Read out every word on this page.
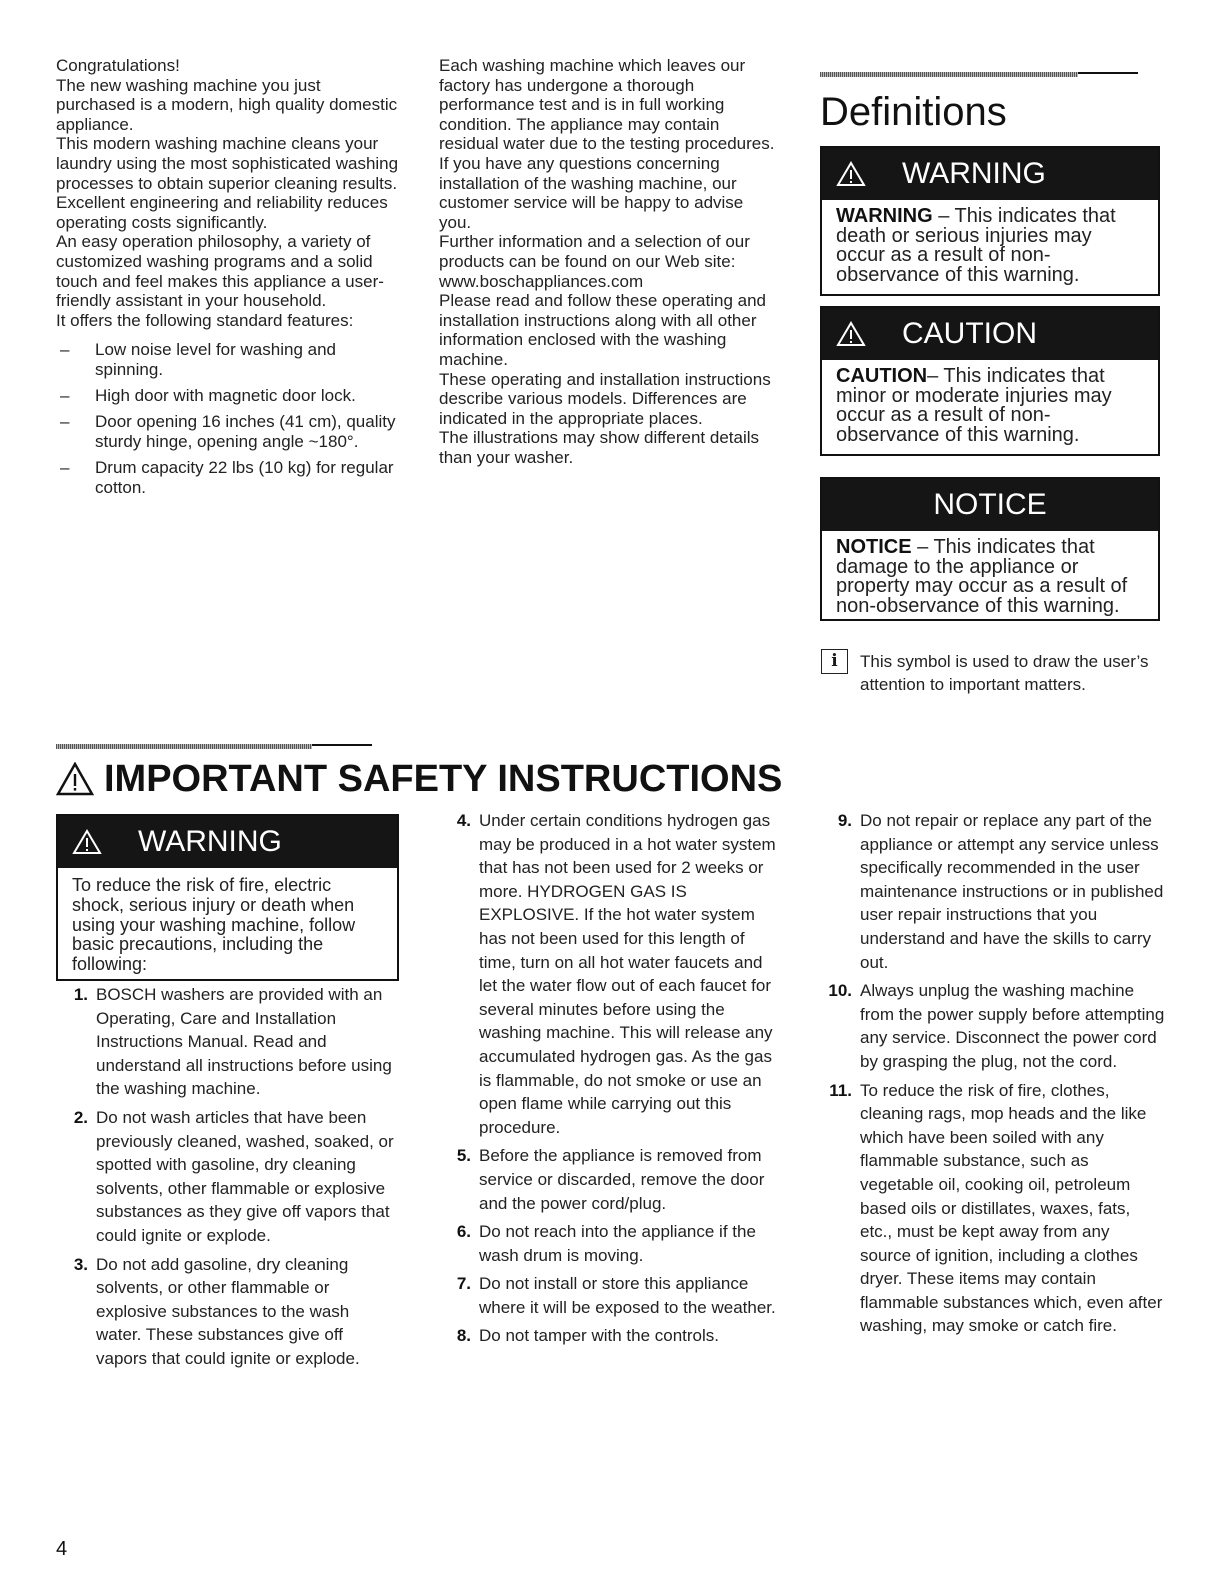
Congratulations!

The new washing machine you just purchased is a modern, high quality domestic appliance.

This modern washing machine cleans your laundry using the most sophisticated washing processes to obtain superior cleaning results.

Excellent engineering and reliability reduces operating costs significantly.

An easy operation philosophy, a variety of customized washing programs and a solid touch and feel makes this appliance a user-friendly assistant in your household.

It offers the following standard features:

– Low noise level for washing and spinning.
– High door with magnetic door lock.
– Door opening 16 inches (41 cm), quality sturdy hinge, opening angle ~180°.
– Drum capacity 22 lbs (10 kg) for regular cotton.

Each washing machine which leaves our factory has undergone a thorough performance test and is in full working condition. The appliance may contain residual water due to the testing procedures. If you have any questions concerning installation of the washing machine, our customer service will be happy to advise you.

Further information and a selection of our products can be found on our Web site: www.boschappliances.com

Please read and follow these operating and installation instructions along with all other information enclosed with the washing machine.

These operating and installation instructions describe various models. Differences are indicated in the appropriate places.

The illustrations may show different details than your washer.

Definitions
WARNING
WARNING – This indicates that death or serious injuries may occur as a result of non-observance of this warning.
CAUTION
CAUTION– This indicates that minor or moderate injuries may occur as a result of non-observance of this warning.
NOTICE
NOTICE – This indicates that damage to the appliance or property may occur as a result of non-observance of this warning.
i	This symbol is used to draw the user’s attention to important matters.
IMPORTANT SAFETY INSTRUCTIONS
WARNING
To reduce the risk of fire, electric shock, serious injury or death when using your washing machine, follow basic precautions, including the following:
1. BOSCH washers are provided with an Operating, Care and Installation Instructions Manual. Read and understand all instructions before using the washing machine.
2. Do not wash articles that have been previously cleaned, washed, soaked, or spotted with gasoline, dry cleaning solvents, other flammable or explosive substances as they give off vapors that could ignite or explode.
3. Do not add gasoline, dry cleaning solvents, or other flammable or explosive substances to the wash water. These substances give off vapors that could ignite or explode.
4. Under certain conditions hydrogen gas may be produced in a hot water system that has not been used for 2 weeks or more. HYDROGEN GAS IS EXPLOSIVE. If the hot water system has not been used for this length of time, turn on all hot water faucets and let the water flow out of each faucet for several minutes before using the washing machine. This will release any accumulated hydrogen gas. As the gas is flammable, do not smoke or use an open flame while carrying out this procedure.
5. Before the appliance is removed from service or discarded, remove the door and the power cord/plug.
6. Do not reach into the appliance if the wash drum is moving.
7. Do not install or store this appliance where it will be exposed to the weather.
8. Do not tamper with the controls.
9. Do not repair or replace any part of the appliance or attempt any service unless specifically recommended in the user maintenance instructions or in published user repair instructions that you understand and have the skills to carry out.
10. Always unplug the washing machine from the power supply before attempting any service. Disconnect the power cord by grasping the plug, not the cord.
11. To reduce the risk of fire, clothes, cleaning rags, mop heads and the like which have been soiled with any flammable substance, such as vegetable oil, cooking oil, petroleum based oils or distillates, waxes, fats, etc., must be kept away from any source of ignition, including a clothes dryer. These items may contain flammable substances which, even after washing, may smoke or catch fire.
4
